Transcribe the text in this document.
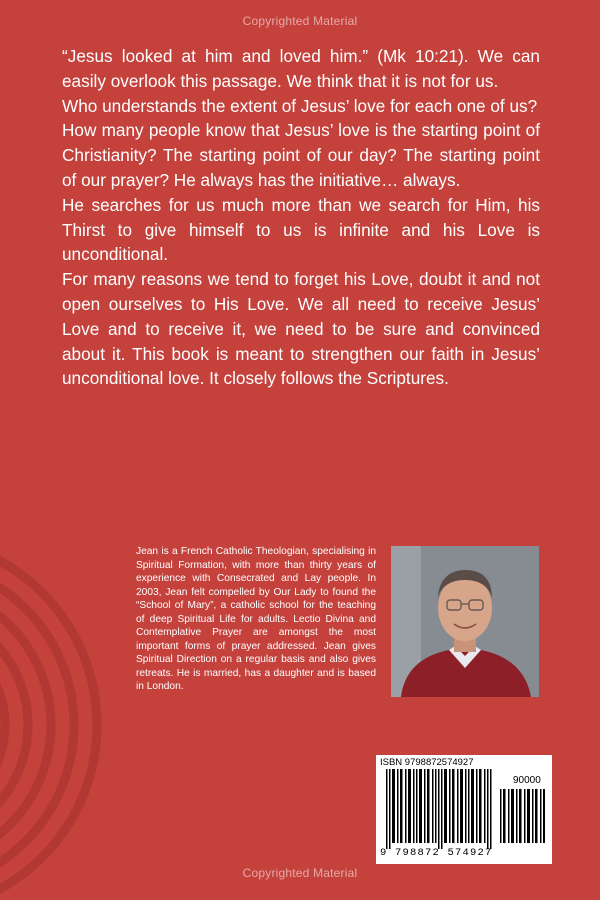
Copyrighted Material

“Jesus looked at him and loved him.” (Mk 10:21). We can easily overlook this passage. We think that it is not for us.

Who understands the extent of Jesus’ love for each one of us?

How many people know that Jesus’ love is the starting point of Christianity? The starting point of our day? The starting point of our prayer? He always has the initiative… always.

He searches for us much more than we search for Him, his Thirst to give himself to us is infinite and his Love is unconditional.

For many reasons we tend to forget his Love, doubt it and not open ourselves to His Love. We all need to receive Jesus’ Love and to receive it, we need to be sure and convinced about it. This book is meant to strengthen our faith in Jesus’ unconditional love. It closely follows the Scriptures.

Jean is a French Catholic Theologian, specialising in Spiritual Formation, with more than thirty years of experience with Consecrated and Lay people. In 2003, Jean felt compelled by Our Lady to found the “School of Mary”, a catholic school for the teaching of deep Spiritual Life for adults. Lectio Divina and Contemplative Prayer are amongst the most important forms of prayer addressed. Jean gives Spiritual Direction on a regular basis and also gives retreats. He is married, has a daughter and is based in London.
ISBN 9798872574927
90000
9 798872 574927
Copyrighted Material
